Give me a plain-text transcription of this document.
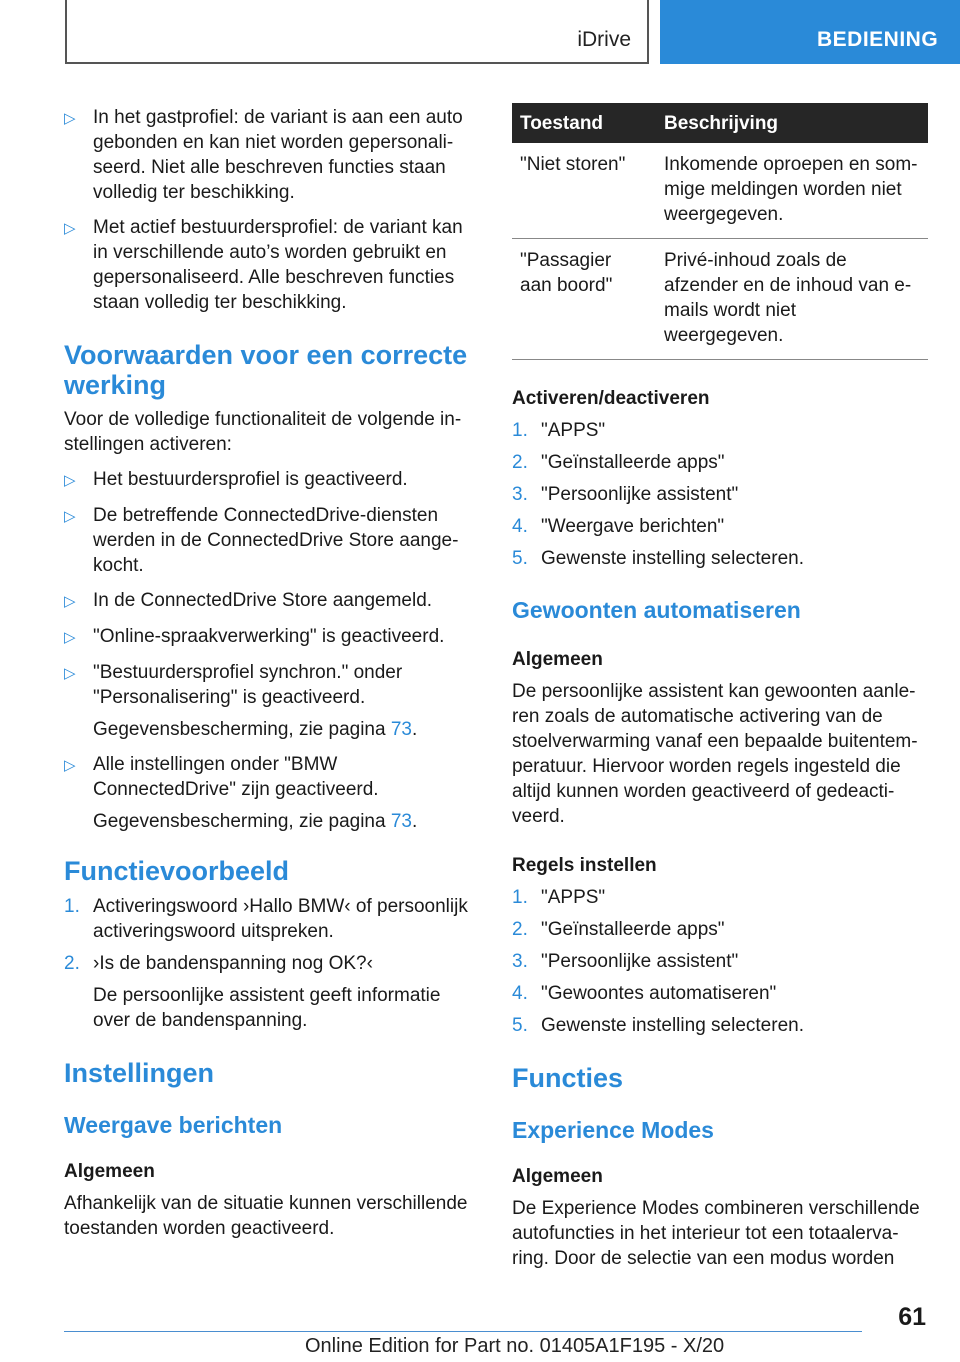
iDrive	BEDIENING
▷ In het gastprofiel: de variant is aan een auto gebonden en kan niet worden gepersonali-seerd. Niet alle beschreven functies staan volledig ter beschikking.
▷ Met actief bestuurdersprofiel: de variant kan in verschillende auto’s worden gebruikt en gepersonaliseerd. Alle beschreven functies staan volledig ter beschikking.
Voorwaarden voor een correcte werking
Voor de volledige functionaliteit de volgende in-stellingen activeren:
▷ Het bestuurdersprofiel is geactiveerd.
▷ De betreffende ConnectedDrive-diensten werden in de ConnectedDrive Store aange-kocht.
▷ In de ConnectedDrive Store aangemeld.
▷ "Online-spraakverwerking" is geactiveerd.
▷ "Bestuurdersprofiel synchron." onder "Personalisering" is geactiveerd.
Gegevensbescherming, zie pagina 73.
▷ Alle instellingen onder "BMW ConnectedDrive" zijn geactiveerd.
Gegevensbescherming, zie pagina 73.
Functievoorbeeld
1. Activeringswoord ›Hallo BMW‹ of persoonlijk activeringswoord uitspreken.
2. ›Is de bandenspanning nog OK?‹
De persoonlijke assistent geeft informatie over de bandenspanning.
Instellingen
Weergave berichten
Algemeen
Afhankelijk van de situatie kunnen verschillende toestanden worden geactiveerd.
Toestand	Beschrijving
"Niet storen"	Inkomende oproepen en som-mige meldingen worden niet weergegeven.
"Passagier aan boord"	Privé-inhoud zoals de afzender en de inhoud van e-mails wordt niet weergegeven.
Activeren/deactiveren
1. "APPS"
2. "Geïnstalleerde apps"
3. "Persoonlijke assistent"
4. "Weergave berichten"
5. Gewenste instelling selecteren.
Gewoonten automatiseren
Algemeen
De persoonlijke assistent kan gewoonten aanle-ren zoals de automatische activering van de stoelverwarming vanaf een bepaalde buitentem-peratuur. Hiervoor worden regels ingesteld die altijd kunnen worden geactiveerd of gedeacti-veerd.
Regels instellen
1. "APPS"
2. "Geïnstalleerde apps"
3. "Persoonlijke assistent"
4. "Gewoontes automatiseren"
5. Gewenste instelling selecteren.
Functies
Experience Modes
Algemeen
De Experience Modes combineren verschillende autofuncties in het interieur tot een totaalerva-ring. Door de selectie van een modus worden
61
Online Edition for Part no. 01405A1F195 - X/20
